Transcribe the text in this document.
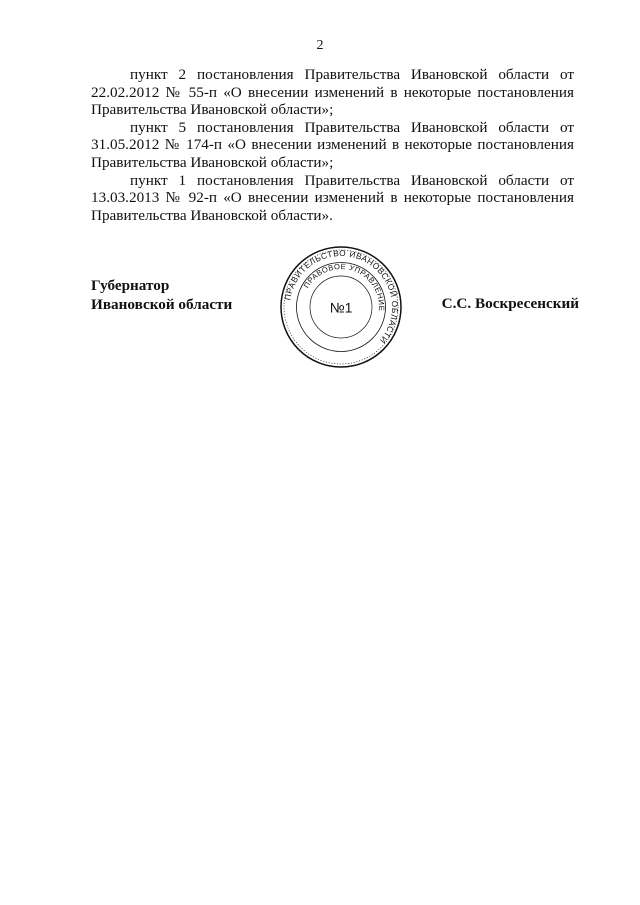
2

пункт 2 постановления Правительства Ивановской области от 22.02.2012 № 55-п «О внесении изменений в некоторые постановления Правительства Ивановской области»;

пункт 5 постановления Правительства Ивановской области от 31.05.2012 № 174-п «О внесении изменений в некоторые постановления Правительства Ивановской области»;

пункт 1 постановления Правительства Ивановской области от 13.03.2013 № 92-п «О внесении изменений в некоторые постановления Правительства Ивановской области».

Губернатор
Ивановской области	ПРАВИТЕЛЬСТВО ИВАНОВСКОЙ ОБЛАСТИ
ПРАВОВОЕ УПРАВЛЕНИЕ
№1	С.С. Воскресенский
